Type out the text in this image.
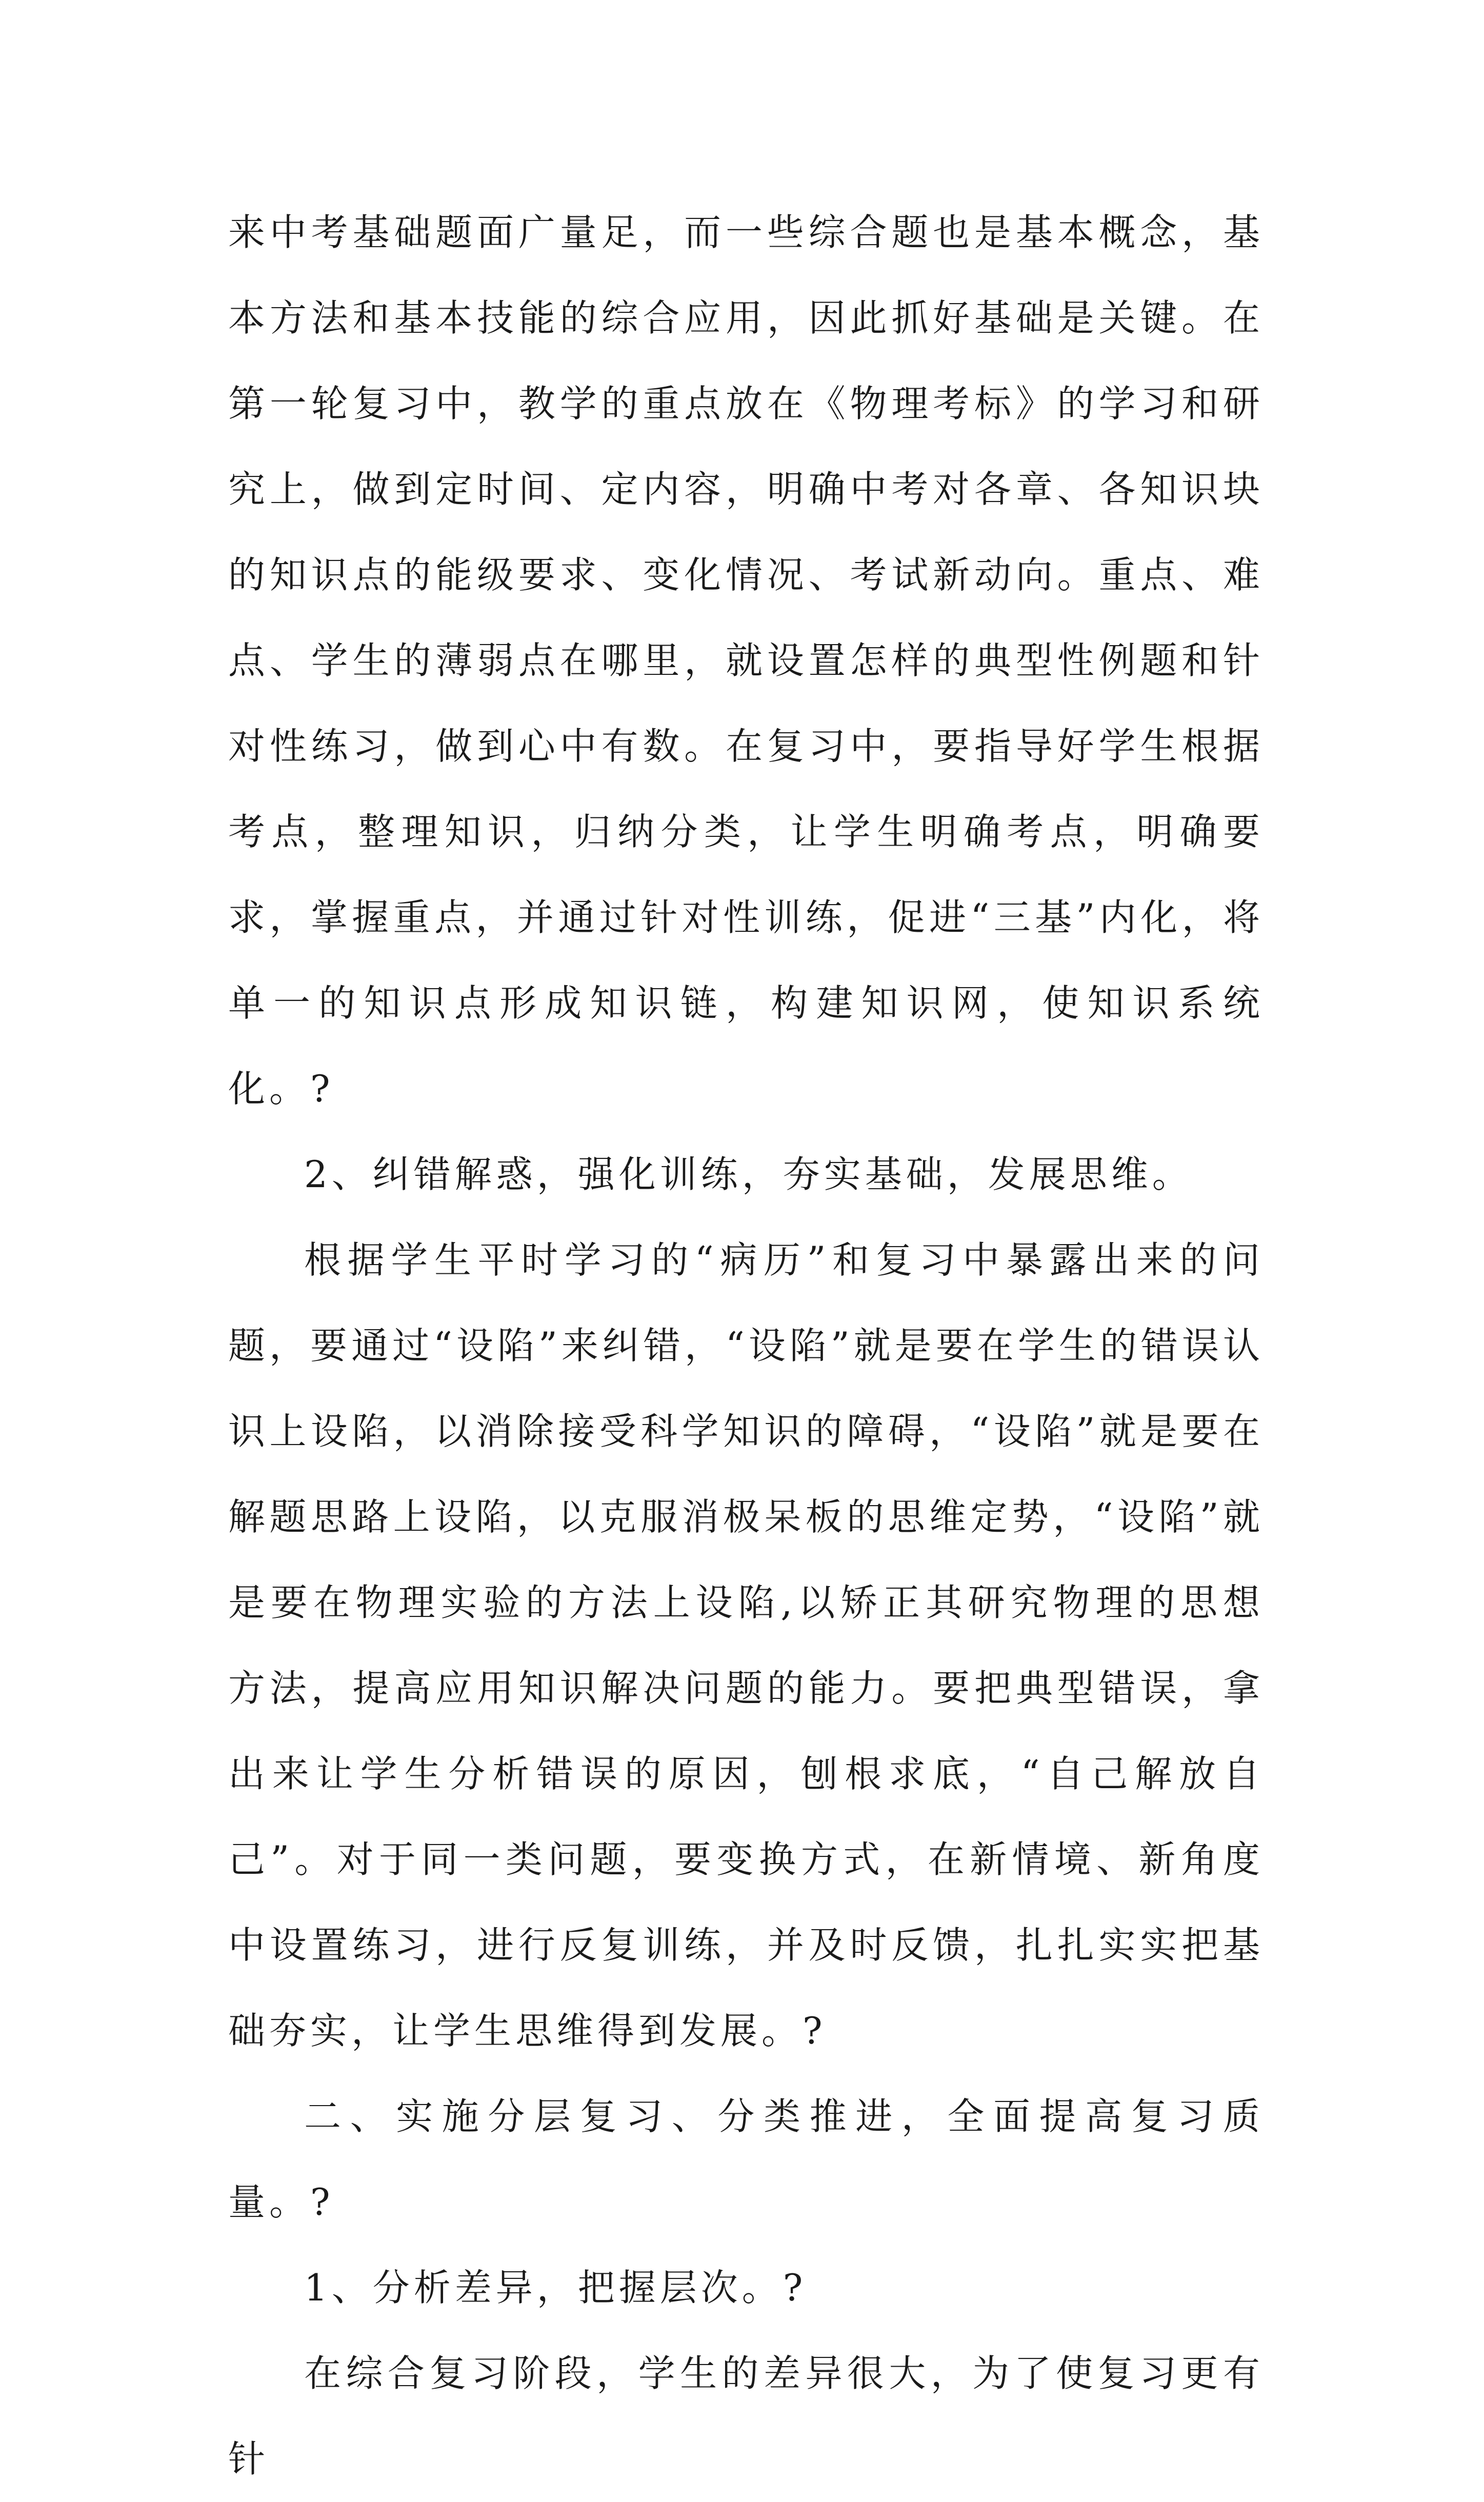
来中考基础题面广量足，而一些综合题也是基本概念，基本方法和基本技能的综合应用，因此抓好基础是关键。在第一轮复习中，教学的重点放在《物理考标》的学习和研究上，做到定时间、定内容，明确中考对各章、各知识块的知识点的能级要求、变化情况、考试新动向。重点、难点、学生的薄弱点在哪里，就设置怎样的典型性例题和针对性练习，做到心中有数。在复习中，要指导好学生根据考点，整理知识，归纳分类，让学生明确考点，明确要求，掌握重点，并通过针对性训练，促进“三基”内化，将单一的知识点形成知识链，构建知识网，使知识系统化。?

2、纠错解惑，强化训练，夯实基础，发展思维。

根据学生平时学习的“病历”和复习中暴露出来的问题，要通过“设陷”来纠错，“设陷”就是要在学生的错误认识上设陷，以消除接受科学知识的障碍，“设陷”就是要在解题思路上设陷，以克服消极呆板的思维定势，“设陷”就是要在物理实验的方法上设陷,以矫正其研究物理的思想方法，提高应用知识解决问题的能力。要把典型错误，拿出来让学生分析错误的原因，刨根求底，“自己解放自己”。对于同一类问题，要变换方式，在新情境、新角度中设置练习，进行反复训练，并及时反馈，扎扎实实把基础夯实，让学生思维得到发展。?

二、实施分层复习、分类推进，全面提高复习质量。?

1、分析差异，把握层次。?

在综合复习阶段，学生的差异很大，为了使复习更有针
